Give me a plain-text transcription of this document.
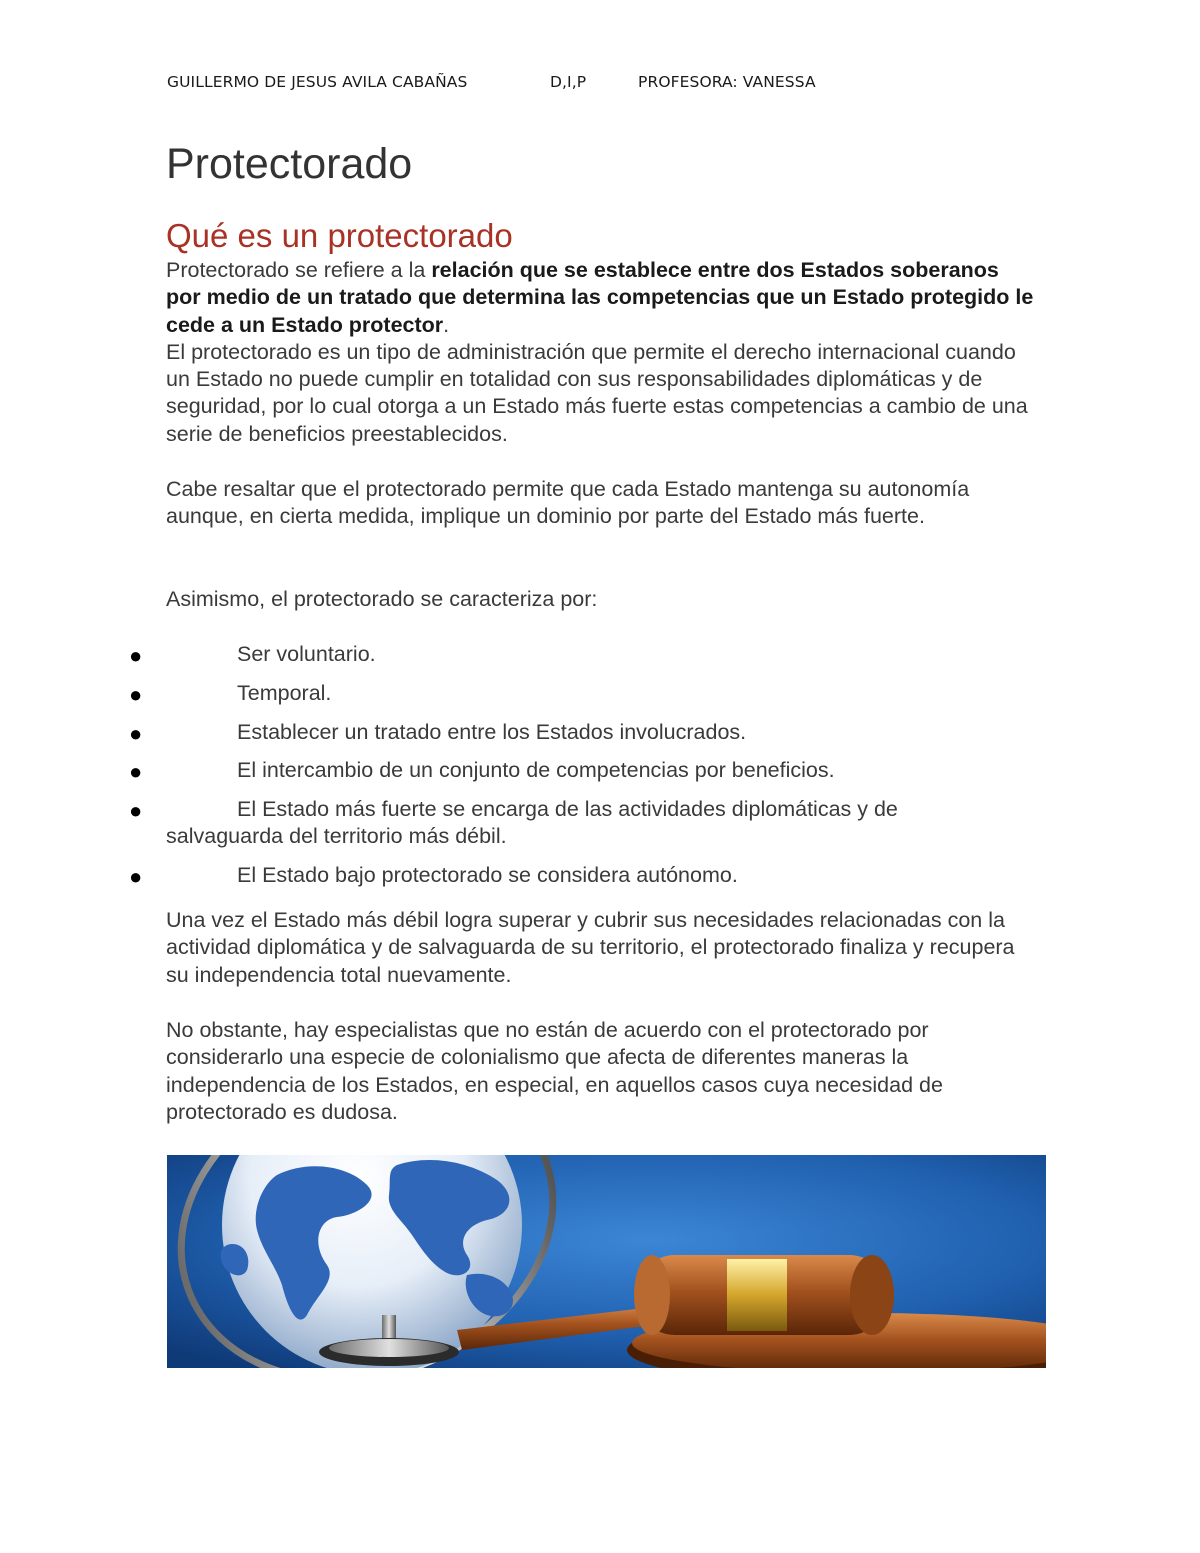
GUILLERMO DE JESUS AVILA CABAÑAS	D,I,P	PROFESORA: VANESSA
Protectorado
Qué es un protectorado

Protectorado se refiere a la relación que se establece entre dos Estados soberanos por medio de un tratado que determina las competencias que un Estado protegido le cede a un Estado protector.
El protectorado es un tipo de administración que permite el derecho internacional cuando un Estado no puede cumplir en totalidad con sus responsabilidades diplomáticas y de seguridad, por lo cual otorga a un Estado más fuerte estas competencias a cambio de una serie de beneficios preestablecidos.

Cabe resaltar que el protectorado permite que cada Estado mantenga su autonomía aunque, en cierta medida, implique un dominio por parte del Estado más fuerte.

Asimismo, el protectorado se caracteriza por:

●	Ser voluntario.
●	Temporal.
●	Establecer un tratado entre los Estados involucrados.
●	El intercambio de un conjunto de competencias por beneficios.
●	El Estado más fuerte se encarga de las actividades diplomáticas y de salvaguarda del territorio más débil.
●	El Estado bajo protectorado se considera autónomo.

Una vez el Estado más débil logra superar y cubrir sus necesidades relacionadas con la actividad diplomática y de salvaguarda de su territorio, el protectorado finaliza y recupera su independencia total nuevamente.

No obstante, hay especialistas que no están de acuerdo con el protectorado por considerarlo una especie de colonialismo que afecta de diferentes maneras la independencia de los Estados, en especial, en aquellos casos cuya necesidad de protectorado es dudosa.
